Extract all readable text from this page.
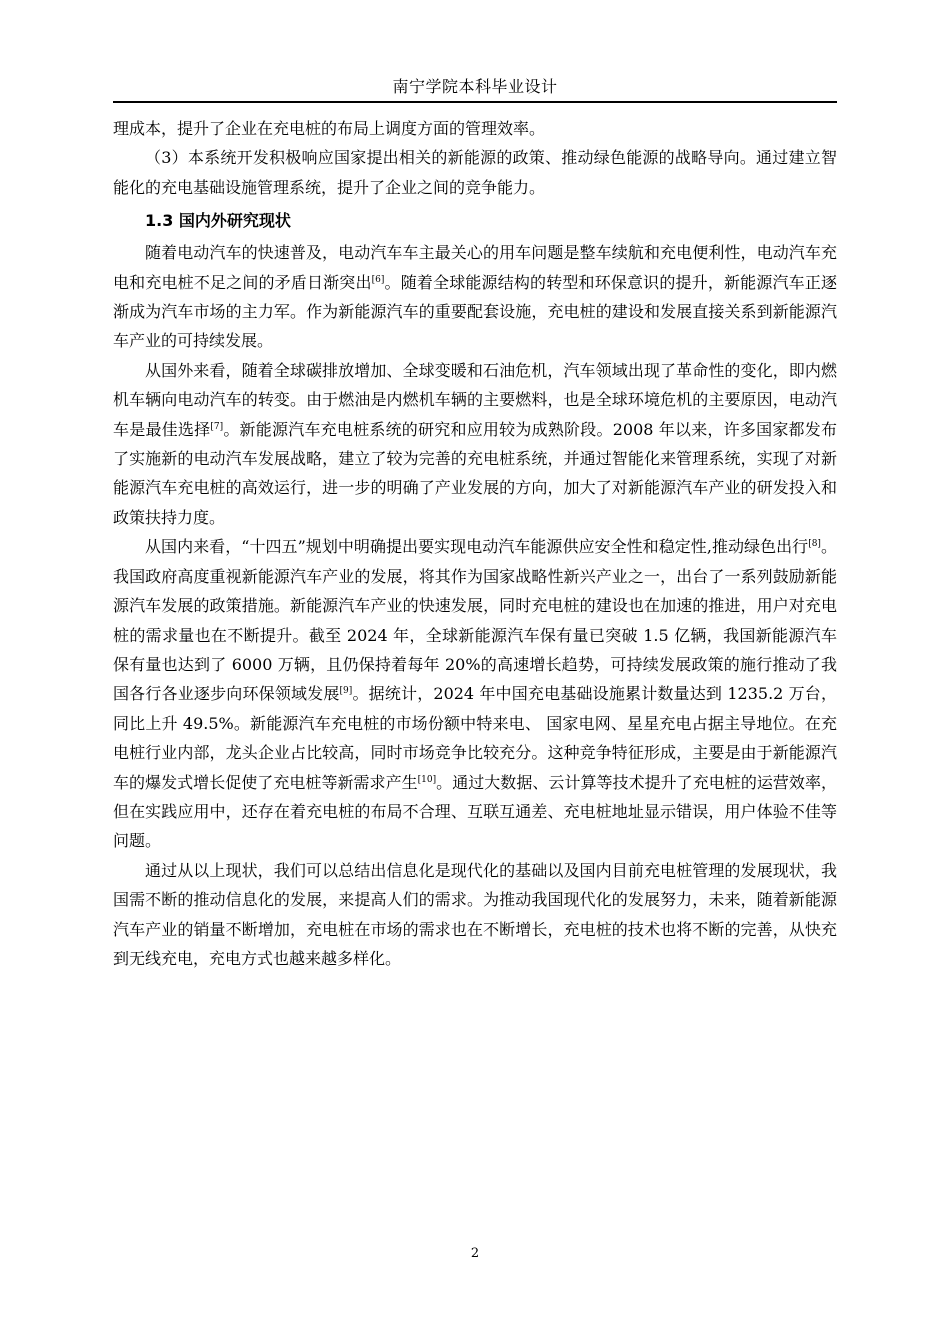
南宁学院本科毕业设计

理成本，提升了企业在充电桩的布局上调度方面的管理效率。

（3）本系统开发积极响应国家提出相关的新能源的政策、推动绿色能源的战略导向。通过建立智能化的充电基础设施管理系统，提升了企业之间的竞争能力。

1.3 国内外研究现状

随着电动汽车的快速普及，电动汽车车主最关心的用车问题是整车续航和充电便利性，电动汽车充电和充电桩不足之间的矛盾日渐突出[6]。随着全球能源结构的转型和环保意识的提升，新能源汽车正逐渐成为汽车市场的主力军。作为新能源汽车的重要配套设施，充电桩的建设和发展直接关系到新能源汽车产业的可持续发展。

从国外来看，随着全球碳排放增加、全球变暖和石油危机，汽车领域出现了革命性的变化，即内燃机车辆向电动汽车的转变。由于燃油是内燃机车辆的主要燃料，也是全球环境危机的主要原因，电动汽车是最佳选择[7]。新能源汽车充电桩系统的研究和应用较为成熟阶段。2008 年以来，许多国家都发布了实施新的电动汽车发展战略，建立了较为完善的充电桩系统，并通过智能化来管理系统，实现了对新能源汽车充电桩的高效运行，进一步的明确了产业发展的方向，加大了对新能源汽车产业的研发投入和政策扶持力度。

从国内来看，“十四五”规划中明确提出要实现电动汽车能源供应安全性和稳定性,推动绿色出行[8]。我国政府高度重视新能源汽车产业的发展，将其作为国家战略性新兴产业之一，出台了一系列鼓励新能源汽车发展的政策措施。新能源汽车产业的快速发展，同时充电桩的建设也在加速的推进，用户对充电桩的需求量也在不断提升。截至 2024 年，全球新能源汽车保有量已突破 1.5 亿辆，我国新能源汽车保有量也达到了 6000 万辆，且仍保持着每年 20%的高速增长趋势，可持续发展政策的施行推动了我国各行各业逐步向环保领域发展[9]。据统计，2024 年中国充电基础设施累计数量达到 1235.2 万台，同比上升 49.5%。新能源汽车充电桩的市场份额中特来电、 国家电网、星星充电占据主导地位。在充电桩行业内部，龙头企业占比较高，同时市场竞争比较充分。这种竞争特征形成，主要是由于新能源汽车的爆发式增长促使了充电桩等新需求产生[10]。通过大数据、云计算等技术提升了充电桩的运营效率，但在实践应用中，还存在着充电桩的布局不合理、互联互通差、充电桩地址显示错误，用户体验不佳等问题。

通过从以上现状，我们可以总结出信息化是现代化的基础以及国内目前充电桩管理的发展现状，我国需不断的推动信息化的发展，来提高人们的需求。为推动我国现代化的发展努力，未来，随着新能源汽车产业的销量不断增加，充电桩在市场的需求也在不断增长，充电桩的技术也将不断的完善，从快充到无线充电，充电方式也越来越多样化。

2
